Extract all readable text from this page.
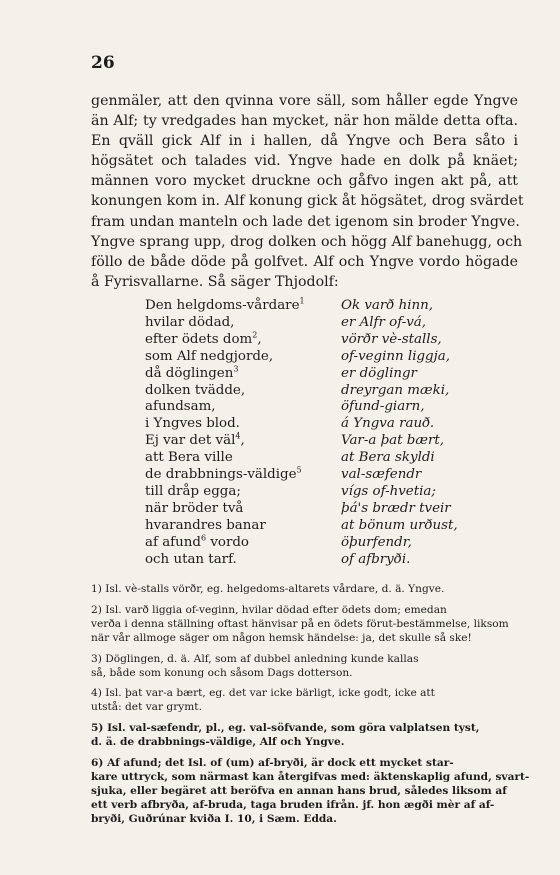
26
genmäler, att den qvinna vore säll, som håller egde Yngve
än Alf; ty vredgades han mycket, när hon mälde detta ofta.
En qväll gick Alf in i hallen, då Yngve och Bera såto i
högsätet och talades vid. Yngve hade en dolk på knäet;
männen voro mycket druckne och gåfvo ingen akt på, att
konungen kom in. Alf konung gick åt högsätet, drog svärdet
fram undan manteln och lade det igenom sin broder Yngve.
Yngve sprang upp, drog dolken och högg Alf banehugg, och
föllo de både döde på golfvet. Alf och Yngve vordo högade
å Fyrisvallarne. Så säger Thjodolf:
Den helgdoms-vårdare$^1$
hvilar dödad,
efter ödets dom$^2$,
som Alf nedgjorde,
då döglingen$^3$
dolken tvädde,
afundsam,
i Yngves blod.
Ej var det väl$^4$,
att Bera ville
de drabbnings-väldige$^5$
till dråp egga;
när bröder två
hvarandres banar
af afund$^6$ vordo
och utan tarf.
Ok varð hinn,
er Alfr of-vá,
vörðr vè-stalls,
of-veginn liggja,
er döglingr
dreyrgan mæki,
öfund-giarn,
á Yngva rauð.
Var-a þat bært,
at Bera skyldi
val-sæfendr
vígs of-hvetia;
þá's brædr tveir
at bönum urðust,
öþurfendr,
of afbryði.
1) Isl. vè-stalls vörðr, eg. helgedoms-altarets vårdare, d. ä. Yngve.
2) Isl. varð liggia of-veginn, hvilar dödad efter ödets dom; emedan
verða i denna ställning oftast hänvisar på en ödets förut-bestämmelse, liksom
när vår allmoge säger om någon hemsk händelse: ja, det skulle så ske!
3) Döglingen, d. ä. Alf, som af dubbel anledning kunde kallas
så, både som konung och såsom Dags dotterson.
4) Isl. þat var-a bært, eg. det var icke bärligt, icke godt, icke att
utstå: det var grymt.
5) Isl. val-sæfendr, pl., eg. val-söfvande, som göra valplatsen tyst,
d. ä. de drabbnings-väldige, Alf och Yngve.
6) Af afund; det Isl. of (um) af-bryði, är dock ett mycket star-
kare uttryck, som närmast kan återgifvas med: äktenskaplig afund, svart-
sjuka, eller begäret att beröfva en annan hans brud, således liksom af
ett verb afbryða, af-bruda, taga bruden ifrån. jf. hon ægði mèr af af-
bryði, Guðrúnar kviða I. 10, i Sæm. Edda.
